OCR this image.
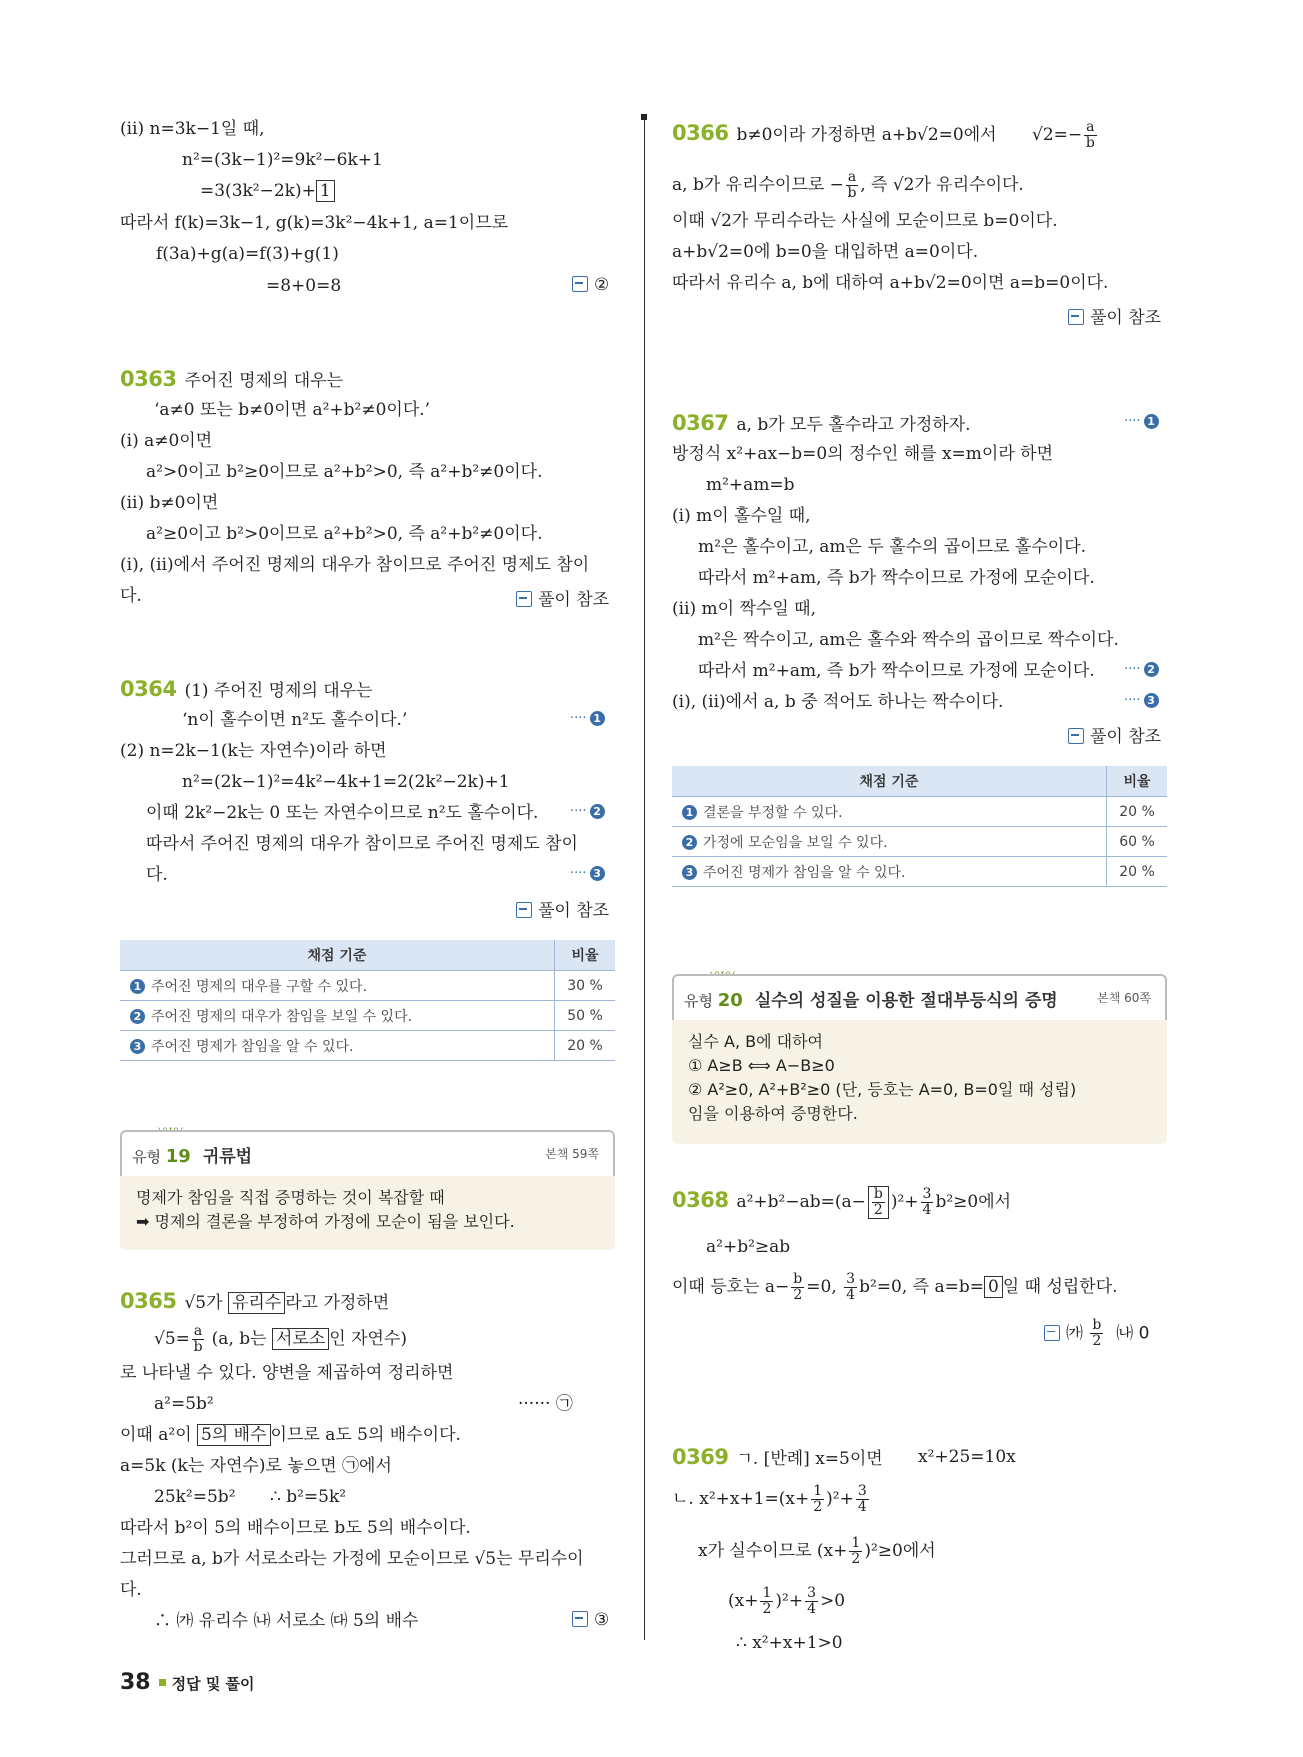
(ⅱ) n=3k−1일 때,
n²=(3k−1)²=9k²−6k+1
=3(3k²−2k)+ 1
따라서 f(k)=3k−1, g(k)=3k²−4k+1, a=1이므로
f(3a)+g(a)=f(3)+g(1)
=8+0=8	②
0363 주어진 명제의 대우는
‘a≠0 또는 b≠0이면 a²+b²≠0이다.’
(ⅰ) a≠0이면
a²>0이고 b²≥0이므로 a²+b²>0, 즉 a²+b²≠0이다.
(ⅱ) b≠0이면
a²≥0이고 b²>0이므로 a²+b²>0, 즉 a²+b²≠0이다.
(ⅰ), (ⅱ)에서 주어진 명제의 대우가 참이므로 주어진 명제도 참이
다.	풀이 참조
0364 (1) 주어진 명제의 대우는
‘n이 홀수이면 n²도 홀수이다.’	···· 1
(2) n=2k−1(k는 자연수)이라 하면
n²=(2k−1)²=4k²−4k+1=2(2k²−2k)+1
이때 2k²−2k는 0 또는 자연수이므로 n²도 홀수이다. ···· 2
따라서 주어진 명제의 대우가 참이므로 주어진 명제도 참이
다.	···· 3
풀이 참조
채점 기준	비율
1 주어진 명제의 대우를 구할 수 있다.	30 %
2 주어진 명제의 대우가 참임을 보일 수 있다.	50 %
3 주어진 명제가 참임을 알 수 있다.	20 %
〰〰
유형 19 귀류법	본책 59쪽
명제가 참임을 직접 증명하는 것이 복잡할 때
➡ 명제의 결론을 부정하여 가정에 모순이 됨을 보인다.
0365 √5가 유리수 라고 가정하면
$√5= \frac{a}{b} (a$, b는 서로소 인 자연수)
로 나타낼 수 있다. 양변을 제곱하여 정리하면
a²=5b²	······ ㉠
이때 a²이 5의 배수 이므로 a도 5의 배수이다.
a=5k (k는 자연수)로 놓으면 ㉠에서
25k²=5b² ∴ b²=5k²
따라서 b²이 5의 배수이므로 b도 5의 배수이다.
그러므로 a, b가 서로소라는 가정에 모순이므로 √5는 무리수이
다.
∴ ㈎ 유리수 ㈏ 서로소 ㈐ 5의 배수	③
0366 b≠0이라 가정하면 a+b√2=0에서 $√2=- \frac{a}{b}$
a, b가 유리수이므로 − $\frac{a}{b}$ , 즉 √2가 유리수이다.
이때 √2가 무리수라는 사실에 모순이므로 b=0이다.
a+b√2=0에 b=0을 대입하면 a=0이다.
따라서 유리수 a, b에 대하여 a+b√2=0이면 a=b=0이다.
풀이 참조
0367 a, b가 모두 홀수라고 가정하자.	···· 1
방정식 x²+ax−b=0의 정수인 해를 x=m이라 하면
m²+am=b
(ⅰ) m이 홀수일 때,
m²은 홀수이고, am은 두 홀수의 곱이므로 홀수이다.
따라서 m²+am, 즉 b가 짝수이므로 가정에 모순이다.
(ⅱ) m이 짝수일 때,
m²은 짝수이고, am은 홀수와 짝수의 곱이므로 짝수이다.
따라서 m²+am, 즉 b가 짝수이므로 가정에 모순이다. ···· 2
(ⅰ), (ⅱ)에서 a, b 중 적어도 하나는 짝수이다.	···· 3
풀이 참조
채점 기준	비율
1 결론을 부정할 수 있다.	20 %
2 가정에 모순임을 보일 수 있다.	60 %
3 주어진 명제가 참임을 알 수 있다.	20 %
〰〰
유형 20 실수의 성질을 이용한 절대부등식의 증명	본책 60쪽
실수 A, B에 대하여
① A≥B ⟺ A−B≥0
② A²≥0, A²+B²≥0 (단, 등호는 A=0, B=0일 때 성립)
임을 이용하여 증명한다.
0368 $a^2+b^2-ab=(a- \frac{b}{2} )^2+ \frac{3}{4} b^2\ge 0$에서
a²+b²≥ab
이때 등호는 $a- \frac{b}{2} =0$, $\frac{3}{4} b^2=0$, 즉 a=b= 0 일 때 성립한다.
㈎ $\frac{b}{2}$ ㈏ 0
0369 ㄱ. [반례] x=5이면 x²+25=10x
ㄴ. $x^2+x+1=(x+ \frac{1}{2} )^2+ \frac{3}{4}$
x가 실수이므로 $(x+ \frac{1}{2} )^2\ge 0$에서
$(x+ \frac{1}{2} )^2+ \frac{3}{4} >0$
∴ x²+x+1>0
38 정답 및 풀이
